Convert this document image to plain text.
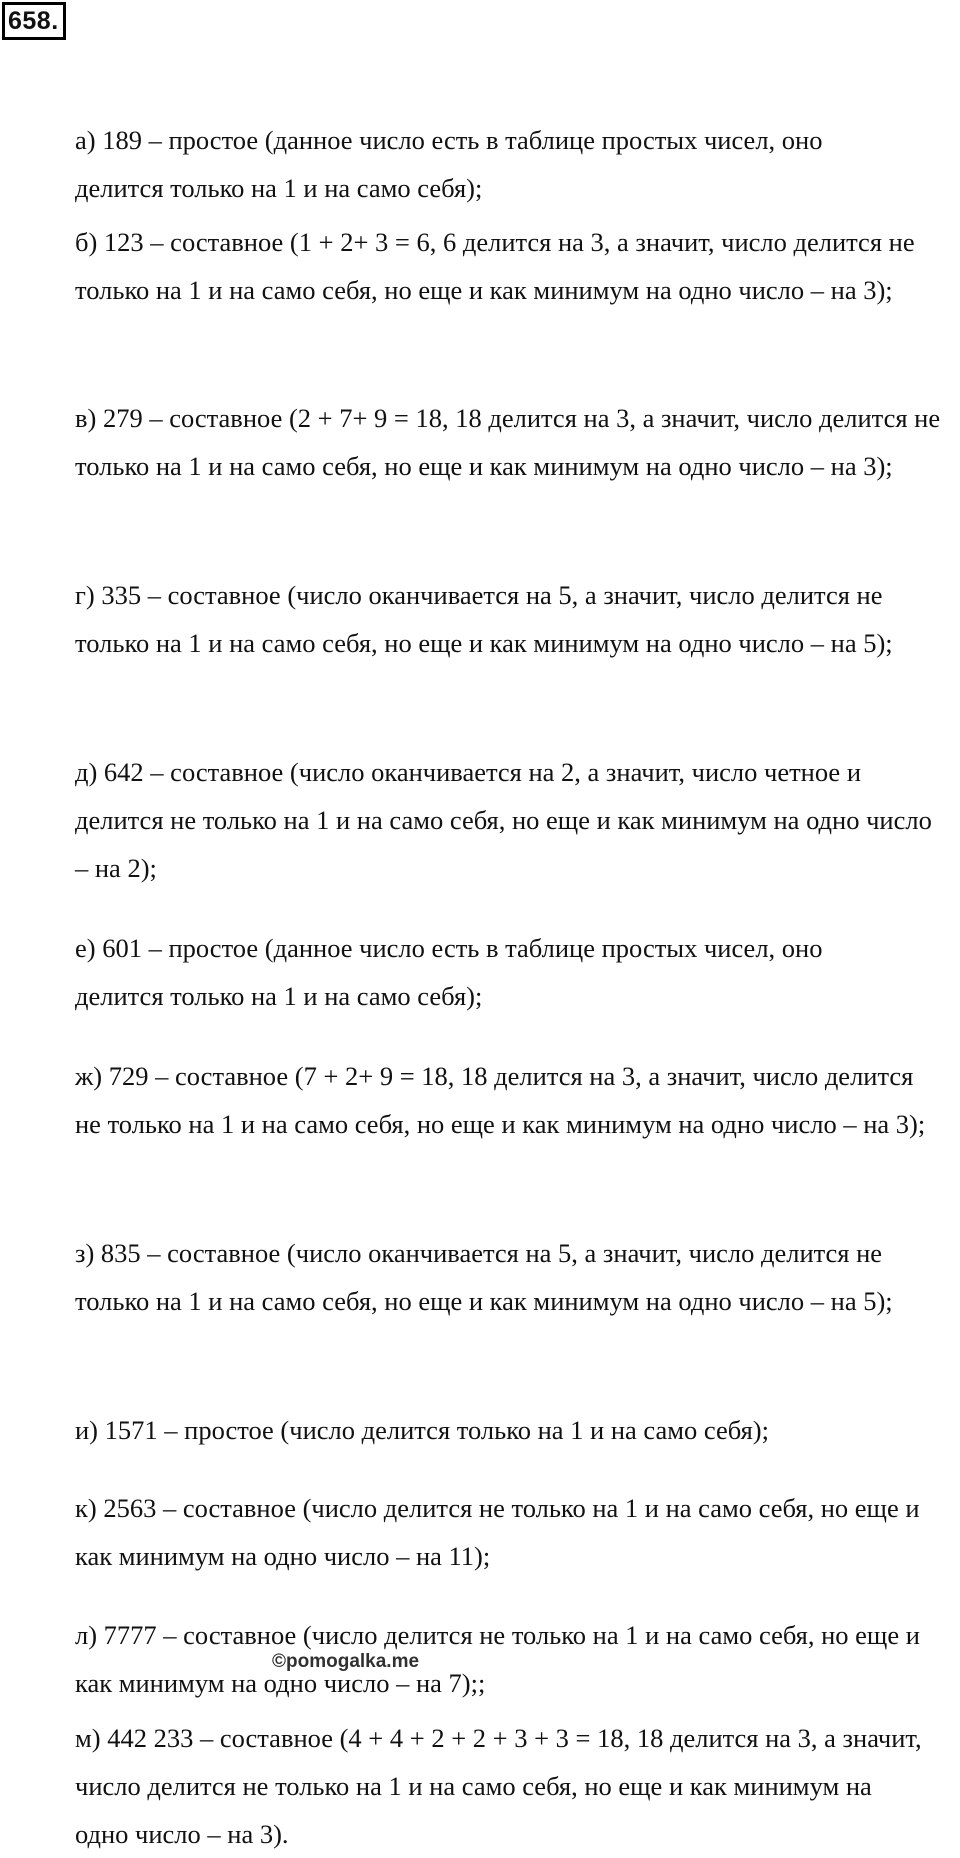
658.

а) 189 – простое (данное число есть в таблице простых чисел, оно делится только на 1 и на само себя);

б) 123 – составное (1 + 2+ 3 = 6, 6 делится на 3, а значит, число делится не только на 1 и на само себя, но еще и как минимум на одно число – на 3);

в) 279 – составное (2 + 7+ 9 = 18, 18 делится на 3, а значит, число делится не только на 1 и на само себя, но еще и как минимум на одно число – на 3);

г) 335 – составное (число оканчивается на 5, а значит, число делится не только на 1 и на само себя, но еще и как минимум на одно число – на 5);

д) 642 – составное (число оканчивается на 2, а значит, число четное и делится не только на 1 и на само себя, но еще и как минимум на одно число – на 2);

е) 601 – простое (данное число есть в таблице простых чисел, оно делится только на 1 и на само себя);

ж) 729 – составное (7 + 2+ 9 = 18, 18 делится на 3, а значит, число делится не только на 1 и на само себя, но еще и как минимум на одно число – на 3);

з) 835 – составное (число оканчивается на 5, а значит, число делится не только на 1 и на само себя, но еще и как минимум на одно число – на 5);

и) 1571 – простое (число делится только на 1 и на само себя);

к) 2563 – составное (число делится не только на 1 и на само себя, но еще и как минимум на одно число – на 11);

л) 7777 – составное (число делится не только на 1 и на само себя, но еще и как минимум на одно число – на 7);;

м) 442 233 – составное (4 + 4 + 2 + 2 + 3 + 3 = 18, 18 делится на 3, а значит, число делится не только на 1 и на само себя, но еще и как минимум на одно число – на 3).

©pomogalka.me
